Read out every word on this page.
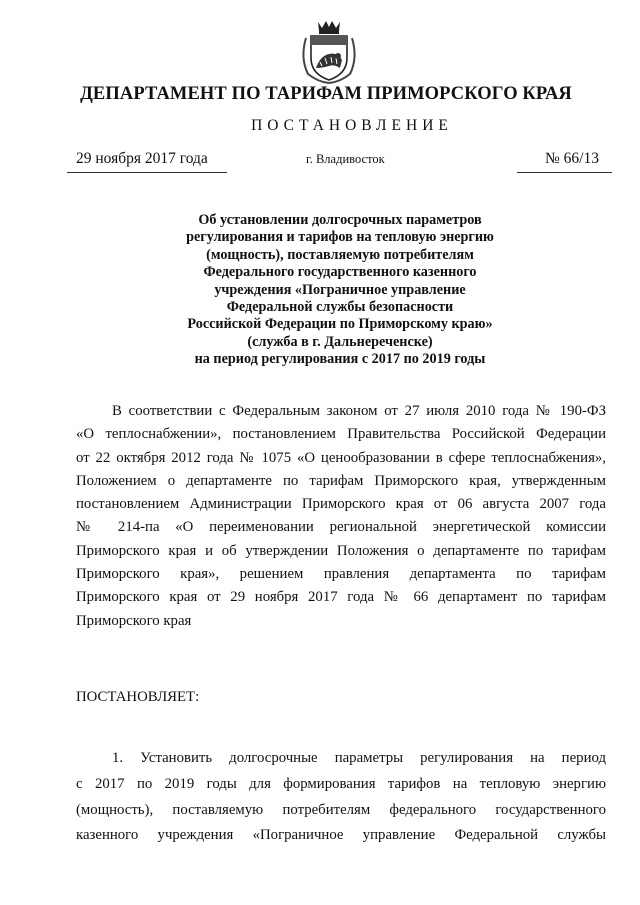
ДЕПАРТАМЕНТ ПО ТАРИФАМ ПРИМОРСКОГО КРАЯ
ПОСТАНОВЛЕНИЕ
29 ноября 2017 года	г. Владивосток	№ 66/13
Об установлении долгосрочных параметров
регулирования и тарифов на тепловую энергию
(мощность), поставляемую потребителям
Федерального государственного казенного
учреждения «Пограничное управление
Федеральной службы безопасности
Российской Федерации по Приморскому краю»
(служба в г. Дальнереченске)
на период регулирования с 2017 по 2019 годы
В соответствии с Федеральным законом от 27 июля 2010 года № 190-ФЗ
«О теплоснабжении», постановлением Правительства Российской Федерации
от 22 октября 2012 года № 1075 «О ценообразовании в сфере теплоснабжения»,
Положением о департаменте по тарифам Приморского края, утвержденным
постановлением Администрации Приморского края от 06 августа 2007 года
№ 214-па «О переименовании региональной энергетической комиссии
Приморского края и об утверждении Положения о департаменте по тарифам
Приморского края», решением правления департамента по тарифам
Приморского края от 29 ноября 2017 года № 66 департамент по тарифам
Приморского края
ПОСТАНОВЛЯЕТ:
1. Установить долгосрочные параметры регулирования на период
с 2017 по 2019 годы для формирования тарифов на тепловую энергию
(мощность), поставляемую потребителям федерального государственного
казенного учреждения «Пограничное управление Федеральной службы
